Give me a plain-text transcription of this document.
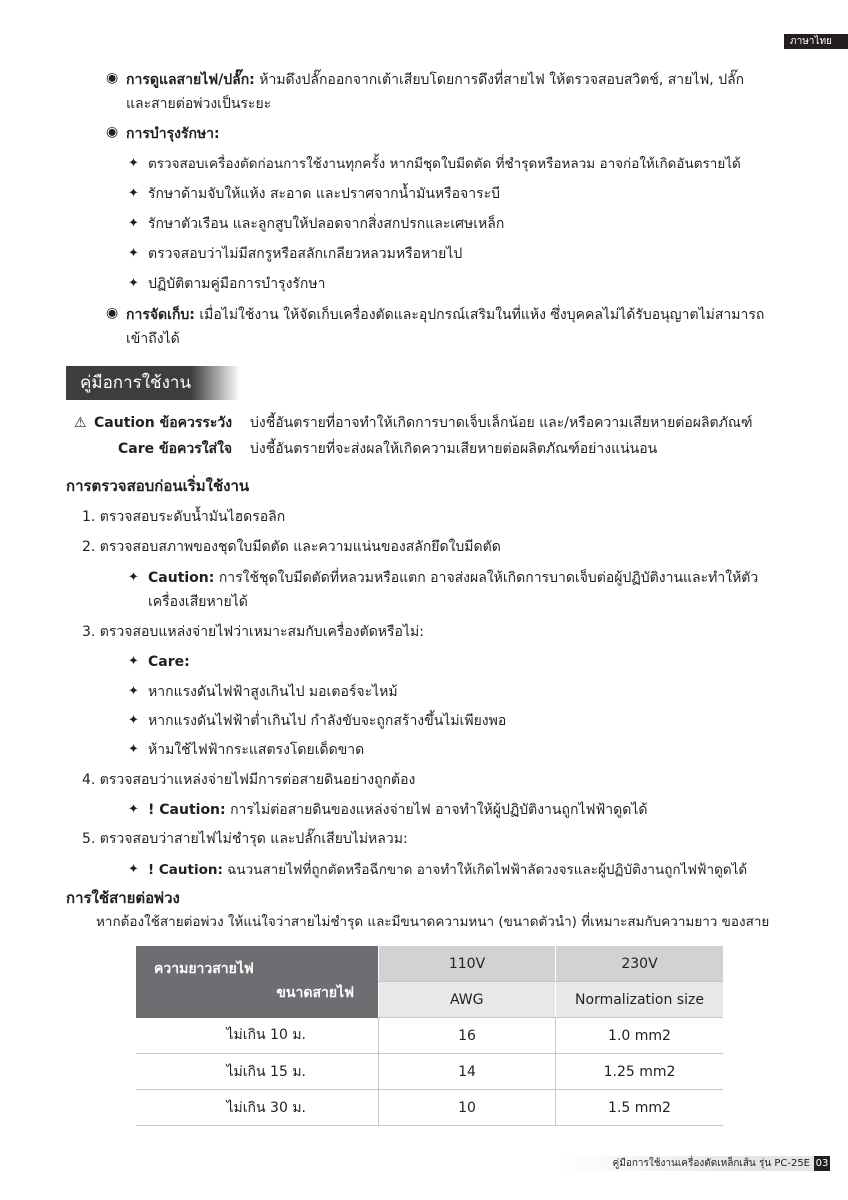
ภาษาไทย
◉ การดูแลสายไฟ/ปลั๊ก: ห้ามดึงปลั๊กออกจากเต้าเสียบโดยการดึงที่สายไฟ ให้ตรวจสอบสวิตช์, สายไฟ, ปลั๊ก
และสายต่อพ่วงเป็นระยะ
◉ การบำรุงรักษา:
✦ ตรวจสอบเครื่องตัดก่อนการใช้งานทุกครั้ง หากมีชุดใบมีดตัด ที่ชำรุดหรือหลวม อาจก่อให้เกิดอันตรายได้
✦ รักษาด้ามจับให้แห้ง สะอาด และปราศจากน้ำมันหรือจาระบี
✦ รักษาตัวเรือน และลูกสูบให้ปลอดจากสิ่งสกปรกและเศษเหล็ก
✦ ตรวจสอบว่าไม่มีสกรูหรือสลักเกลียวหลวมหรือหายไป
✦ ปฏิบัติตามคู่มือการบำรุงรักษา
◉ การจัดเก็บ: เมื่อไม่ใช้งาน ให้จัดเก็บเครื่องตัดและอุปกรณ์เสริมในที่แห้ง ซึ่งบุคคลไม่ได้รับอนุญาตไม่สามารถ
เข้าถึงได้
คู่มือการใช้งาน
⚠ Caution ข้อควรระวัง บ่งชี้อันตรายที่อาจทำให้เกิดการบาดเจ็บเล็กน้อย และ/หรือความเสียหายต่อผลิตภัณฑ์
Care ข้อควรใส่ใจ บ่งชี้อันตรายที่จะส่งผลให้เกิดความเสียหายต่อผลิตภัณฑ์อย่างแน่นอน
การตรวจสอบก่อนเริ่มใช้งาน
1. ตรวจสอบระดับน้ำมันไฮดรอลิก
2. ตรวจสอบสภาพของชุดใบมีดตัด และความแน่นของสลักยึดใบมีดตัด
✦ Caution: การใช้ชุดใบมีดตัดที่หลวมหรือแตก อาจส่งผลให้เกิดการบาดเจ็บต่อผู้ปฏิบัติงานและทำให้ตัว
เครื่องเสียหายได้
3. ตรวจสอบแหล่งจ่ายไฟว่าเหมาะสมกับเครื่องตัดหรือไม่:
✦ Care:
✦ หากแรงดันไฟฟ้าสูงเกินไป มอเตอร์จะไหม้
✦ หากแรงดันไฟฟ้าต่ำเกินไป กำลังขับจะถูกสร้างขึ้นไม่เพียงพอ
✦ ห้ามใช้ไฟฟ้ากระแสตรงโดยเด็ดขาด
4. ตรวจสอบว่าแหล่งจ่ายไฟมีการต่อสายดินอย่างถูกต้อง
✦ ! Caution: การไม่ต่อสายดินของแหล่งจ่ายไฟ อาจทำให้ผู้ปฏิบัติงานถูกไฟฟ้าดูดได้
5. ตรวจสอบว่าสายไฟไม่ชำรุด และปลั๊กเสียบไม่หลวม:
✦ ! Caution: ฉนวนสายไฟที่ถูกตัดหรือฉีกขาด อาจทำให้เกิดไฟฟ้าลัดวงจรและผู้ปฏิบัติงานถูกไฟฟ้าดูดได้
การใช้สายต่อพ่วง
หากต้องใช้สายต่อพ่วง ให้แน่ใจว่าสายไม่ชำรุด และมีขนาดความหนา (ขนาดตัวนำ) ที่เหมาะสมกับความยาว ของสาย
ความยาวสายไฟ
ขนาดสายไฟ	110V	230V
	AWG	Normalization size
ไม่เกิน 10 ม.	16	1.0 mm2
ไม่เกิน 15 ม.	14	1.25 mm2
ไม่เกิน 30 ม.	10	1.5 mm2
คู่มือการใช้งานเครื่องตัดเหล็กเส้น รุ่น PC-25E 03
